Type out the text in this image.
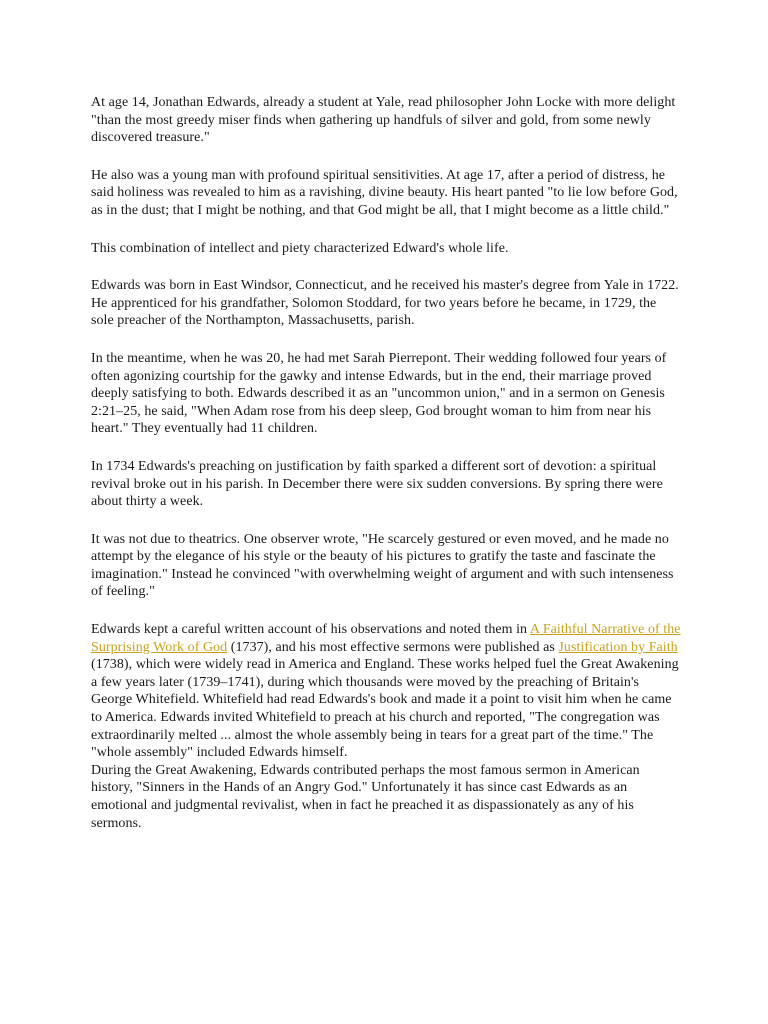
At age 14, Jonathan Edwards, already a student at Yale, read philosopher John Locke with more delight "than the most greedy miser finds when gathering up handfuls of silver and gold, from some newly discovered treasure."

He also was a young man with profound spiritual sensitivities. At age 17, after a period of distress, he said holiness was revealed to him as a ravishing, divine beauty. His heart panted "to lie low before God, as in the dust; that I might be nothing, and that God might be all, that I might become as a little child."

This combination of intellect and piety characterized Edward's whole life.

Edwards was born in East Windsor, Connecticut, and he received his master's degree from Yale in 1722. He apprenticed for his grandfather, Solomon Stoddard, for two years before he became, in 1729, the sole preacher of the Northampton, Massachusetts, parish.

In the meantime, when he was 20, he had met Sarah Pierrepont. Their wedding followed four years of often agonizing courtship for the gawky and intense Edwards, but in the end, their marriage proved deeply satisfying to both. Edwards described it as an "uncommon union," and in a sermon on Genesis 2:21–25, he said, "When Adam rose from his deep sleep, God brought woman to him from near his heart." They eventually had 11 children.

In 1734 Edwards's preaching on justification by faith sparked a different sort of devotion: a spiritual revival broke out in his parish. In December there were six sudden conversions. By spring there were about thirty a week.

It was not due to theatrics. One observer wrote, "He scarcely gestured or even moved, and he made no attempt by the elegance of his style or the beauty of his pictures to gratify the taste and fascinate the imagination." Instead he convinced "with overwhelming weight of argument and with such intenseness of feeling."

Edwards kept a careful written account of his observations and noted them in A Faithful Narrative of the Surprising Work of God (1737), and his most effective sermons were published as Justification by Faith (1738), which were widely read in America and England. These works helped fuel the Great Awakening a few years later (1739–1741), during which thousands were moved by the preaching of Britain's George Whitefield. Whitefield had read Edwards's book and made it a point to visit him when he came to America. Edwards invited Whitefield to preach at his church and reported, "The congregation was extraordinarily melted ... almost the whole assembly being in tears for a great part of the time." The "whole assembly" included Edwards himself.

During the Great Awakening, Edwards contributed perhaps the most famous sermon in American history, "Sinners in the Hands of an Angry God." Unfortunately it has since cast Edwards as an emotional and judgmental revivalist, when in fact he preached it as dispassionately as any of his sermons.
